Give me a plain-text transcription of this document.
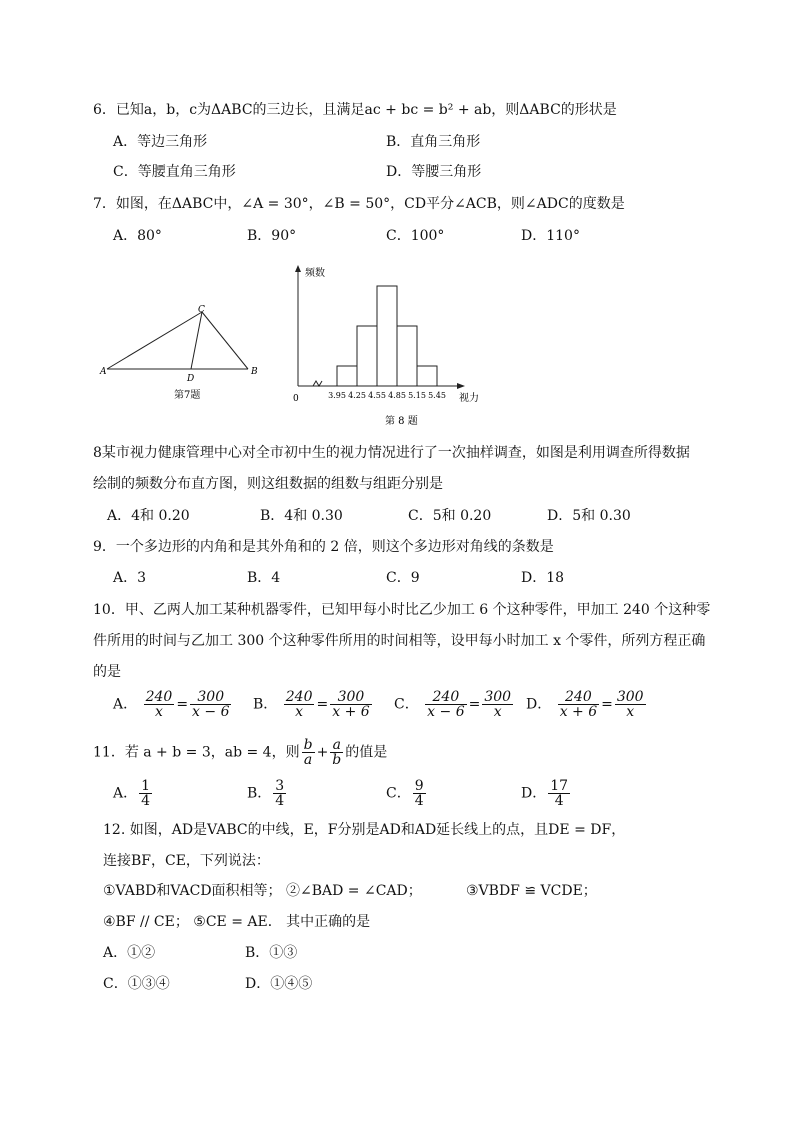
6．已知a，b，c为ΔABC的三边长，且满足ac + bc = b² + ab，则ΔABC的形状是
A．等边三角形	B．直角三角形
C．等腰直角三角形	D．等腰三角形
7．如图，在ΔABC中，∠A = 30°，∠B = 50°，CD平分∠ACB，则∠ADC的度数是
A．80°	B．90°	C．100°	D．110°
C
A
D
B
第7题
频数
视力
0	3.95 4.25 4.55 4.85 5.15 5.45
第 8 题
8某市视力健康管理中心对全市初中生的视力情况进行了一次抽样调查，如图是利用调查所得数据
绘制的频数分布直方图，则这组数据的组数与组距分别是
A．4和 0.20	B．4和 0.30	C．5和 0.20	D．5和 0.30
9．一个多边形的内角和是其外角和的 2 倍，则这个多边形对角线的条数是
A．3	B．4	C．9	D．18
10．甲、乙两人加工某种机器零件，已知甲每小时比乙少加工 6 个这种零件，甲加工 240 个这种零
件所用的时间与乙加工 300 个这种零件所用的时间相等，设甲每小时加工 x 个零件，所列方程正确
的是
A． $\frac{240}{x} = \frac{300}{x - 6}$ B． $\frac{240}{x} = \frac{300}{x + 6}$ C． $\frac{240}{x - 6} = \frac{300}{x}$ D． $\frac{240}{x + 6} = \frac{300}{x}$
11．若 a + b = 3，ab = 4，则 $\frac{b}{a} + \frac{a}{b}$ 的值是
A． $\frac{1}{4}$	B． $\frac{3}{4}$	C． $\frac{9}{4}$	D． $\frac{17}{4}$
12. 如图，AD是VABC的中线，E，F分别是AD和AD延长线上的点，且DE = DF，
连接BF，CE，下列说法：
①VABD和VACD面积相等； ②∠BAD = ∠CAD；	③VBDF ≌ VCDE；
④BF // CE； ⑤CE = AE． 其中正确的是
A．①②	B．①③
C．①③④	D．①④⑤
